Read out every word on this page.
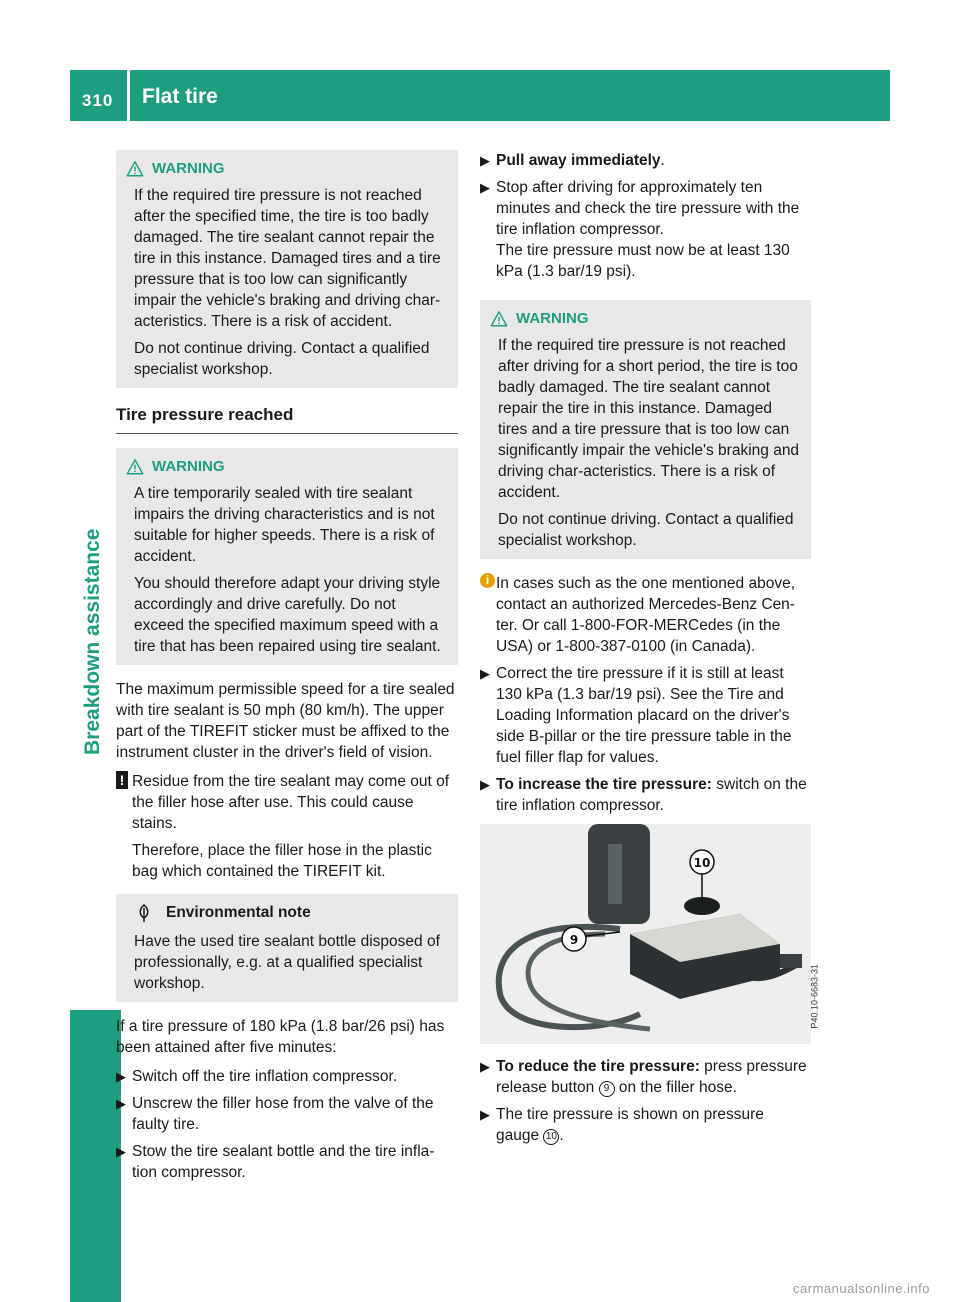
310 Flat tire
Breakdown assistance
WARNING

If the required tire pressure is not reached after the specified time, the tire is too badly damaged. The tire sealant cannot repair the tire in this instance. Damaged tires and a tire pressure that is too low can significantly impair the vehicle's braking and driving char-acteristics. There is a risk of accident.

Do not continue driving. Contact a qualified specialist workshop.

Tire pressure reached
WARNING

A tire temporarily sealed with tire sealant impairs the driving characteristics and is not suitable for higher speeds. There is a risk of accident.

You should therefore adapt your driving style accordingly and drive carefully. Do not exceed the specified maximum speed with a tire that has been repaired using tire sealant.

The maximum permissible speed for a tire sealed with tire sealant is 50 mph (80 km/h). The upper part of the TIREFIT sticker must be affixed to the instrument cluster in the driver's field of vision.

! Residue from the tire sealant may come out of the filler hose after use. This could cause stains.
Therefore, place the filler hose in the plastic bag which contained the TIREFIT kit.
Environmental note

Have the used tire sealant bottle disposed of professionally, e.g. at a qualified specialist workshop.

If a tire pressure of 180 kPa (1.8 bar/26 psi) has been attained after five minutes:

▶ Switch off the tire inflation compressor.
▶ Unscrew the filler hose from the valve of the faulty tire.
▶ Stow the tire sealant bottle and the tire infla-tion compressor.
▶ Pull away immediately.
▶ Stop after driving for approximately ten minutes and check the tire pressure with the tire inflation compressor.
The tire pressure must now be at least 130 kPa (1.3 bar/19 psi).
WARNING

If the required tire pressure is not reached after driving for a short period, the tire is too badly damaged. The tire sealant cannot repair the tire in this instance. Damaged tires and a tire pressure that is too low can significantly impair the vehicle's braking and driving char-acteristics. There is a risk of accident.

Do not continue driving. Contact a qualified specialist workshop.

i In cases such as the one mentioned above, contact an authorized Mercedes-Benz Cen-ter. Or call 1-800-FOR-MERCedes (in the USA) or 1-800-387-0100 (in Canada).
▶ Correct the tire pressure if it is still at least 130 kPa (1.3 bar/19 psi). See the Tire and Loading Information placard on the driver's side B-pillar or the tire pressure table in the fuel filler flap for values.
▶ To increase the tire pressure: switch on the tire inflation compressor.
10
9
P40.10-6683-31
▶ To reduce the tire pressure: press pressure release button 9 on the filler hose.
▶ The tire pressure is shown on pressure gauge 10 .
carmanualsonline.info
